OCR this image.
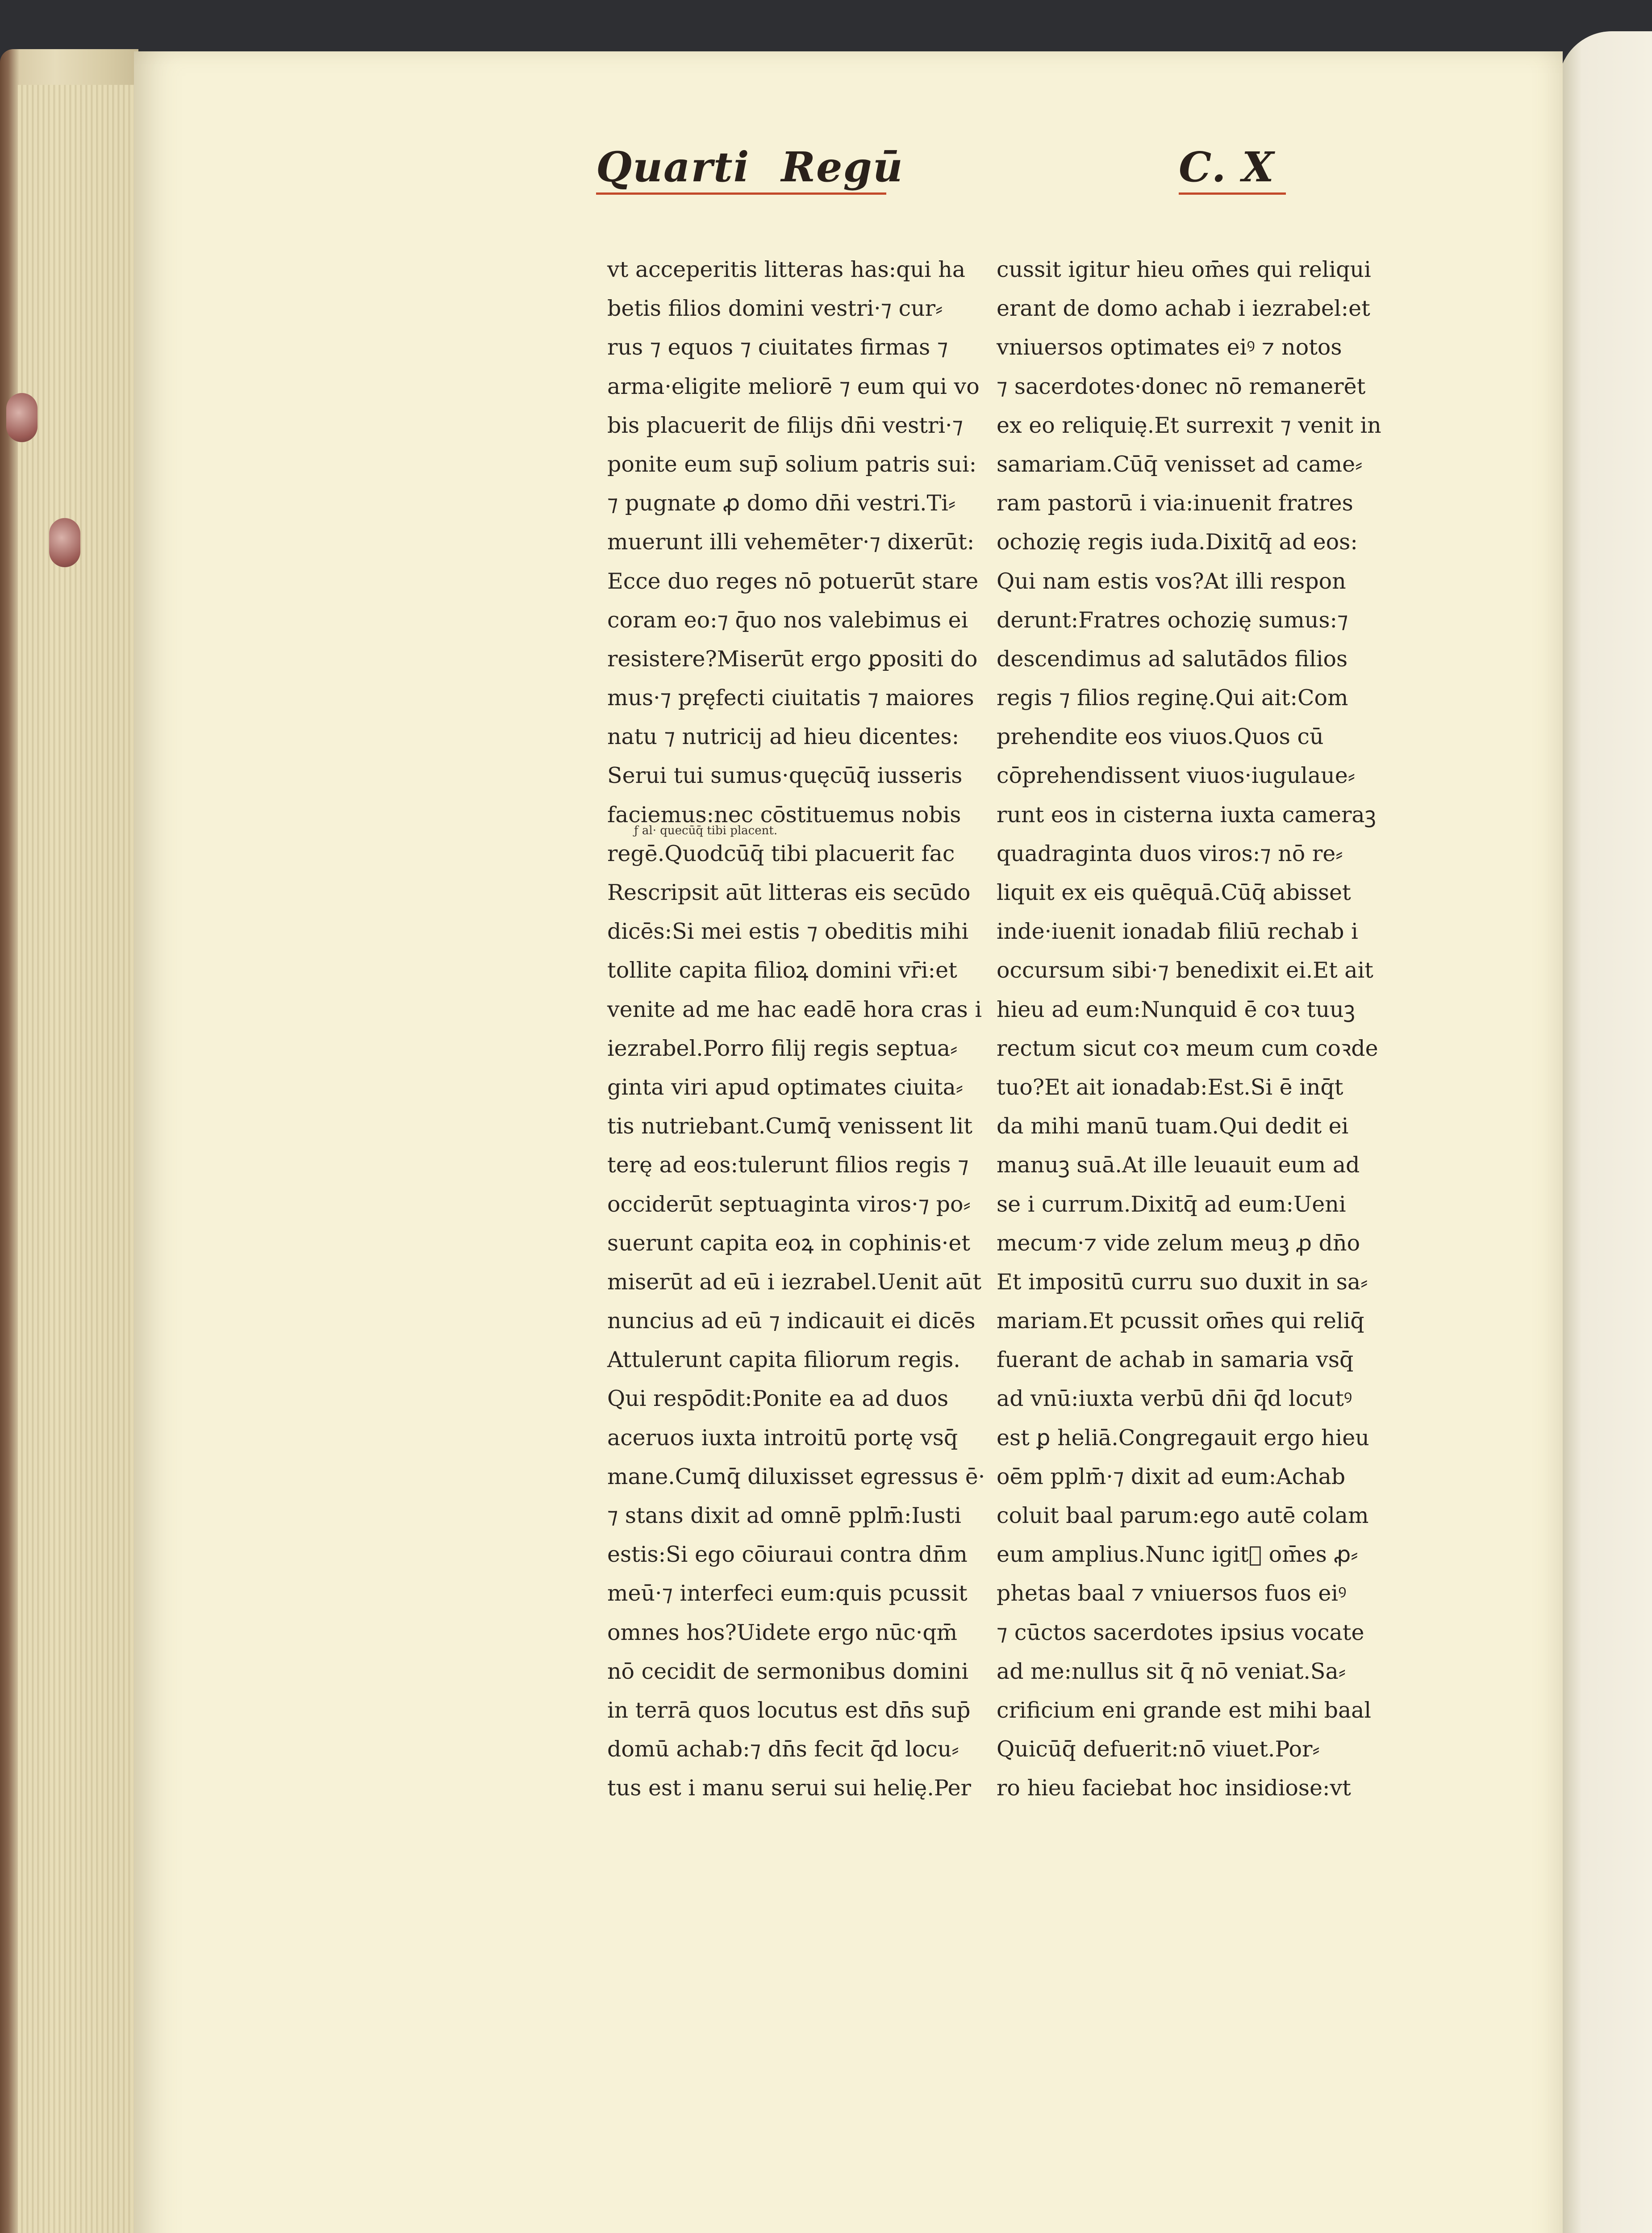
Quarti Regū	C. X
ƒ al· quecūq̄ tibi placent.
vt acceperitis litteras has:qui ha
betis filios domini vestri·⁊ cur⸗
rus ⁊ equos ⁊ ciuitates firmas ⁊
arma·eligite meliorē ⁊ eum qui vo
bis placuerit de filijs dn̄i vestri·⁊
ponite eum sup̄ solium patris sui:
⁊ pugnate ꝓ domo dn̄i vestri.Ti⸗
muerunt illi vehemēter·⁊ dixerūt:
Ecce duo reges nō potuerūt stare
coram eo:⁊ q̄uo nos valebimus ei
resistere?Miserūt ergo ꝑpositi do
mus·⁊ pręfecti ciuitatis ⁊ maiores
natu ⁊ nutricij ad hieu dicentes:
Serui tui sumus·quęcūq̄ iusseris
faciemus:nec cōstituemus nobis
regē.Quodcūq̄ tibi placuerit fac
Rescripsit aūt litteras eis secūdo
dicēs:Si mei estis ⁊ obeditis mihi
tollite capita filioꝝ domini vr̄i:et
venite ad me hac eadē hora cras i
iezrabel.Porro filij regis septua⸗
ginta viri apud optimates ciuita⸗
tis nutriebant.Cumq̄ venissent lit
terę ad eos:tulerunt filios regis ⁊
occiderūt septuaginta viros·⁊ po⸗
suerunt capita eoꝝ in cophinis·et
miserūt ad eū i iezrabel.Uenit aūt
nuncius ad eū ⁊ indicauit ei dicēs
Attulerunt capita filiorum regis.
Qui respōdit:Ponite ea ad duos
aceruos iuxta introitū portę vsq̄
mane.Cumq̄ diluxisset egressus ē·
⁊ stans dixit ad omnē pplm̄:Iusti
estis:Si ego cōiuraui contra dn̄m
meū·⁊ interfeci eum:quis pcussit
omnes hos?Uidete ergo nūc·qm̄
nō cecidit de sermonibus domini
in terrā quos locutus est dn̄s sup̄
domū achab:⁊ dn̄s fecit q̄d locu⸗
tus est i manu serui sui helię.Per
cussit igitur hieu om̄es qui reliqui
erant de domo achab i iezrabel:et
vniuersos optimates eiꝰ ⁊ notos
⁊ sacerdotes·donec nō remanerēt
ex eo reliquię.Et surrexit ⁊ venit in
samariam.Cūq̄ venisset ad came⸗
ram pastorū i via:inuenit fratres
ochozię regis iuda.Dixitq̄ ad eos:
Qui nam estis vos?At illi respon
derunt:Fratres ochozię sumus:⁊
descendimus ad salutādos filios
regis ⁊ filios reginę.Qui ait:Com
prehendite eos viuos.Quos cū
cōprehendissent viuos·iugulaue⸗
runt eos in cisterna iuxta cameraꝫ
quadraginta duos viros:⁊ nō re⸗
liquit ex eis quēquā.Cūq̄ abisset
inde·iuenit ionadab filiū rechab i
occursum sibi·⁊ benedixit ei.Et ait
hieu ad eum:Nunquid ē coꝛ tuuꝫ
rectum sicut coꝛ meum cum coꝛde
tuo?Et ait ionadab:Est.Si ē inq̄t
da mihi manū tuam.Qui dedit ei
manuꝫ suā.At ille leuauit eum ad
se i currum.Dixitq̄ ad eum:Ueni
mecum·⁊ vide zelum meuꝫ ꝓ dn̄o
Et impositū curru suo duxit in sa⸗
mariam.Et pcussit om̄es qui reliq̄
fuerant de achab in samaria vsq̄
ad vnū:iuxta verbū dn̄i q̄d locutꝰ
est ꝑ heliā.Congregauit ergo hieu
oēm pplm̄·⁊ dixit ad eum:Achab
coluit baal parum:ego autē colam
eum amplius.Nunc igitᷣ om̄es ꝓ⸗
phetas baal ⁊ vniuersos fuos eiꝰ
⁊ cūctos sacerdotes ipsius vocate
ad me:nullus sit q̄ nō veniat.Sa⸗
crificium eni grande est mihi baal
Quicūq̄ defuerit:nō viuet.Por⸗
ro hieu faciebat hoc insidiose:vt
